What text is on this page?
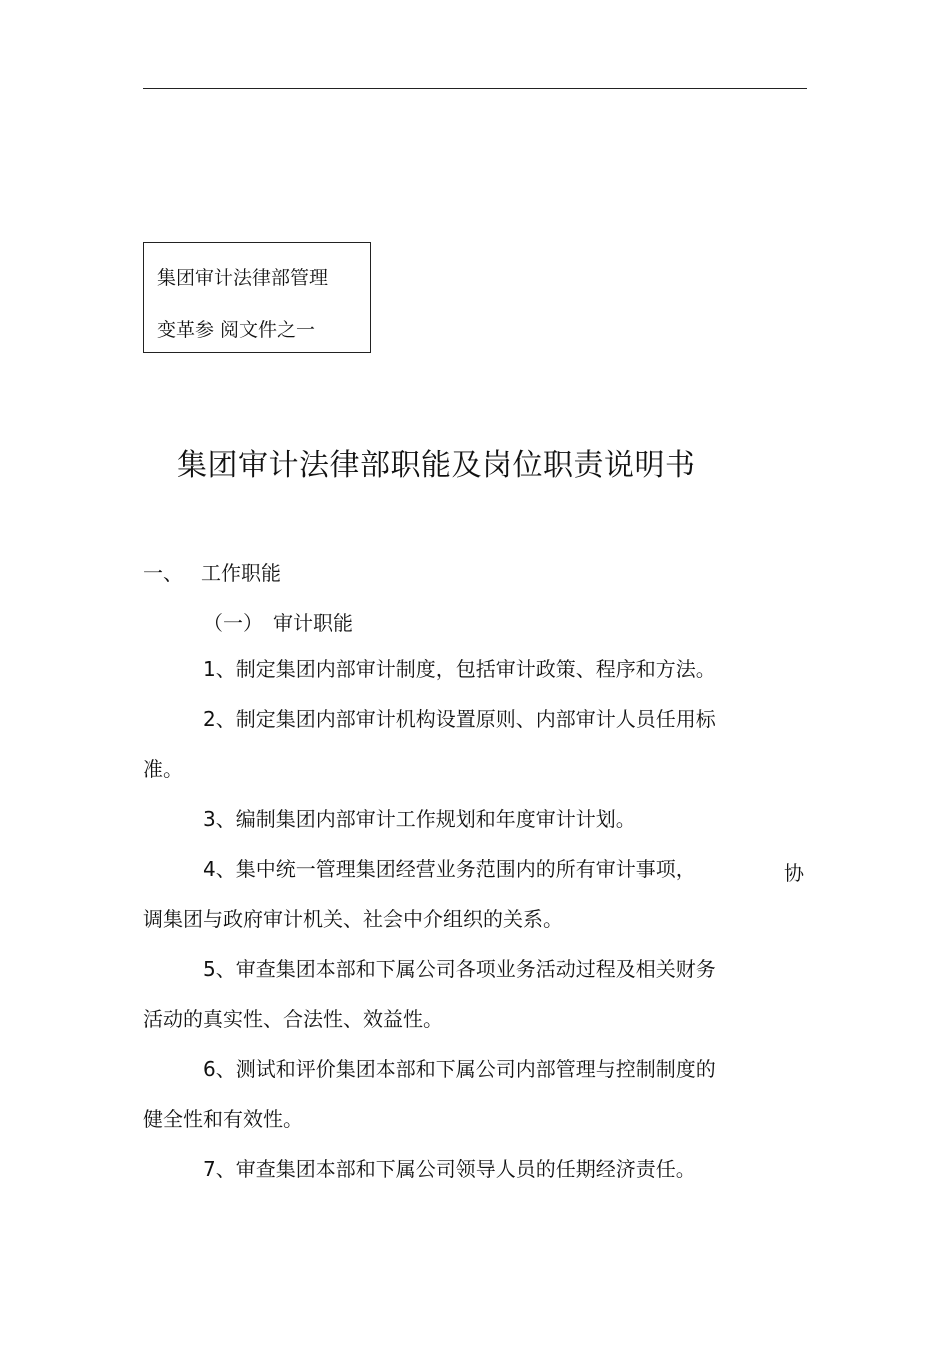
集团审计法律部管理
变革参 阅文件之一
集团审计法律部职能及岗位职责说明书
一、 工作职能
（一） 审计职能
1、制定集团内部审计制度，包括审计政策、程序和方法。
2、制定集团内部审计机构设置原则、内部审计人员任用标
准。
3、编制集团内部审计工作规划和年度审计计划。
4、集中统一管理集团经营业务范围内的所有审计事项，	协
调集团与政府审计机关、社会中介组织的关系。
5、审查集团本部和下属公司各项业务活动过程及相关财务
活动的真实性、合法性、效益性。
6、测试和评价集团本部和下属公司内部管理与控制制度的
健全性和有效性。
7、审查集团本部和下属公司领导人员的任期经济责任。
